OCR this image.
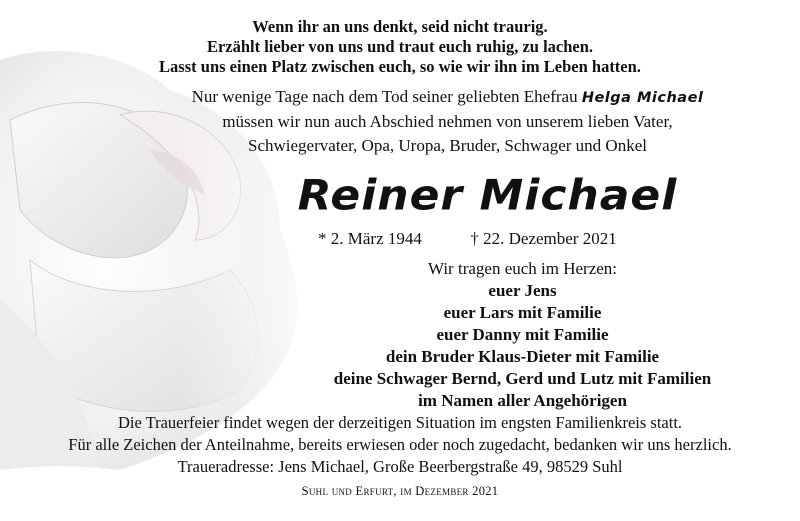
Wenn ihr an uns denkt, seid nicht traurig.
Erzählt lieber von uns und traut euch ruhig, zu lachen.
Lasst uns einen Platz zwischen euch, so wie wir ihn im Leben hatten.
Nur wenige Tage nach dem Tod seiner geliebten Ehefrau Helga Michael
müssen wir nun auch Abschied nehmen von unserem lieben Vater,
Schwiegervater, Opa, Uropa, Bruder, Schwager und Onkel
Reiner Michael
* 2. März 1944	† 22. Dezember 2021
Wir tragen euch im Herzen:
euer Jens
euer Lars mit Familie
euer Danny mit Familie
dein Bruder Klaus-Dieter mit Familie
deine Schwager Bernd, Gerd und Lutz mit Familien
im Namen aller Angehörigen
Die Trauerfeier findet wegen der derzeitigen Situation im engsten Familienkreis statt.
Für alle Zeichen der Anteilnahme, bereits erwiesen oder noch zugedacht, bedanken wir uns herzlich.
Traueradresse: Jens Michael, Große Beerbergstraße 49, 98529 Suhl
Suhl und Erfurt, im Dezember 2021
